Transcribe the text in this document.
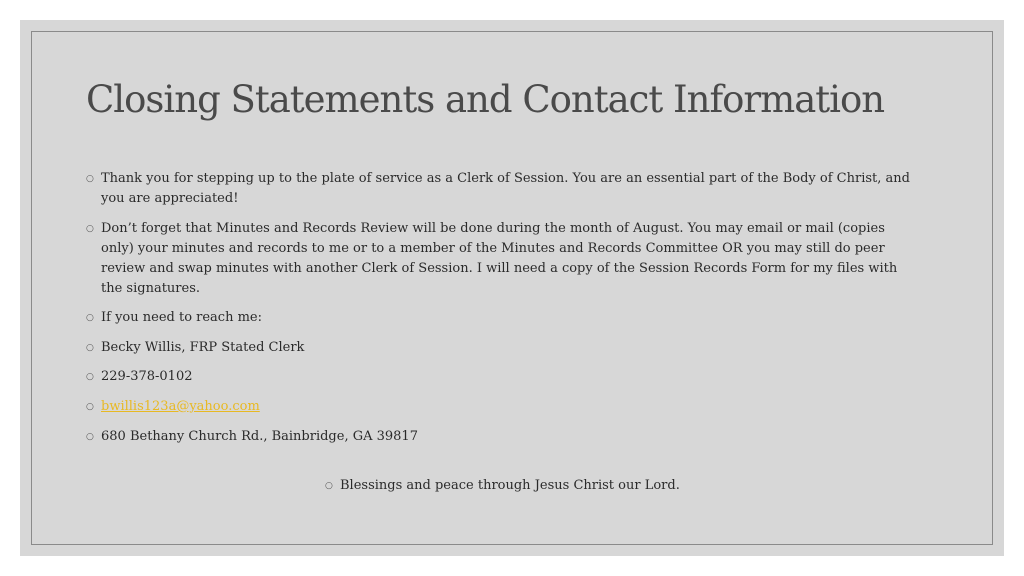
Closing Statements and Contact Information
○ Thank you for stepping up to the plate of service as a Clerk of Session. You are an essential part of the Body of Christ, and you are appreciated!
○ Don’t forget that Minutes and Records Review will be done during the month of August. You may email or mail (copies only) your minutes and records to me or to a member of the Minutes and Records Committee OR you may still do peer review and swap minutes with another Clerk of Session. I will need a copy of the Session Records Form for my files with the signatures.
○ If you need to reach me:
○ Becky Willis, FRP Stated Clerk
○ 229-378-0102
○ bwillis123a@yahoo.com
○ 680 Bethany Church Rd., Bainbridge, GA 39817
○ Blessings and peace through Jesus Christ our Lord.
